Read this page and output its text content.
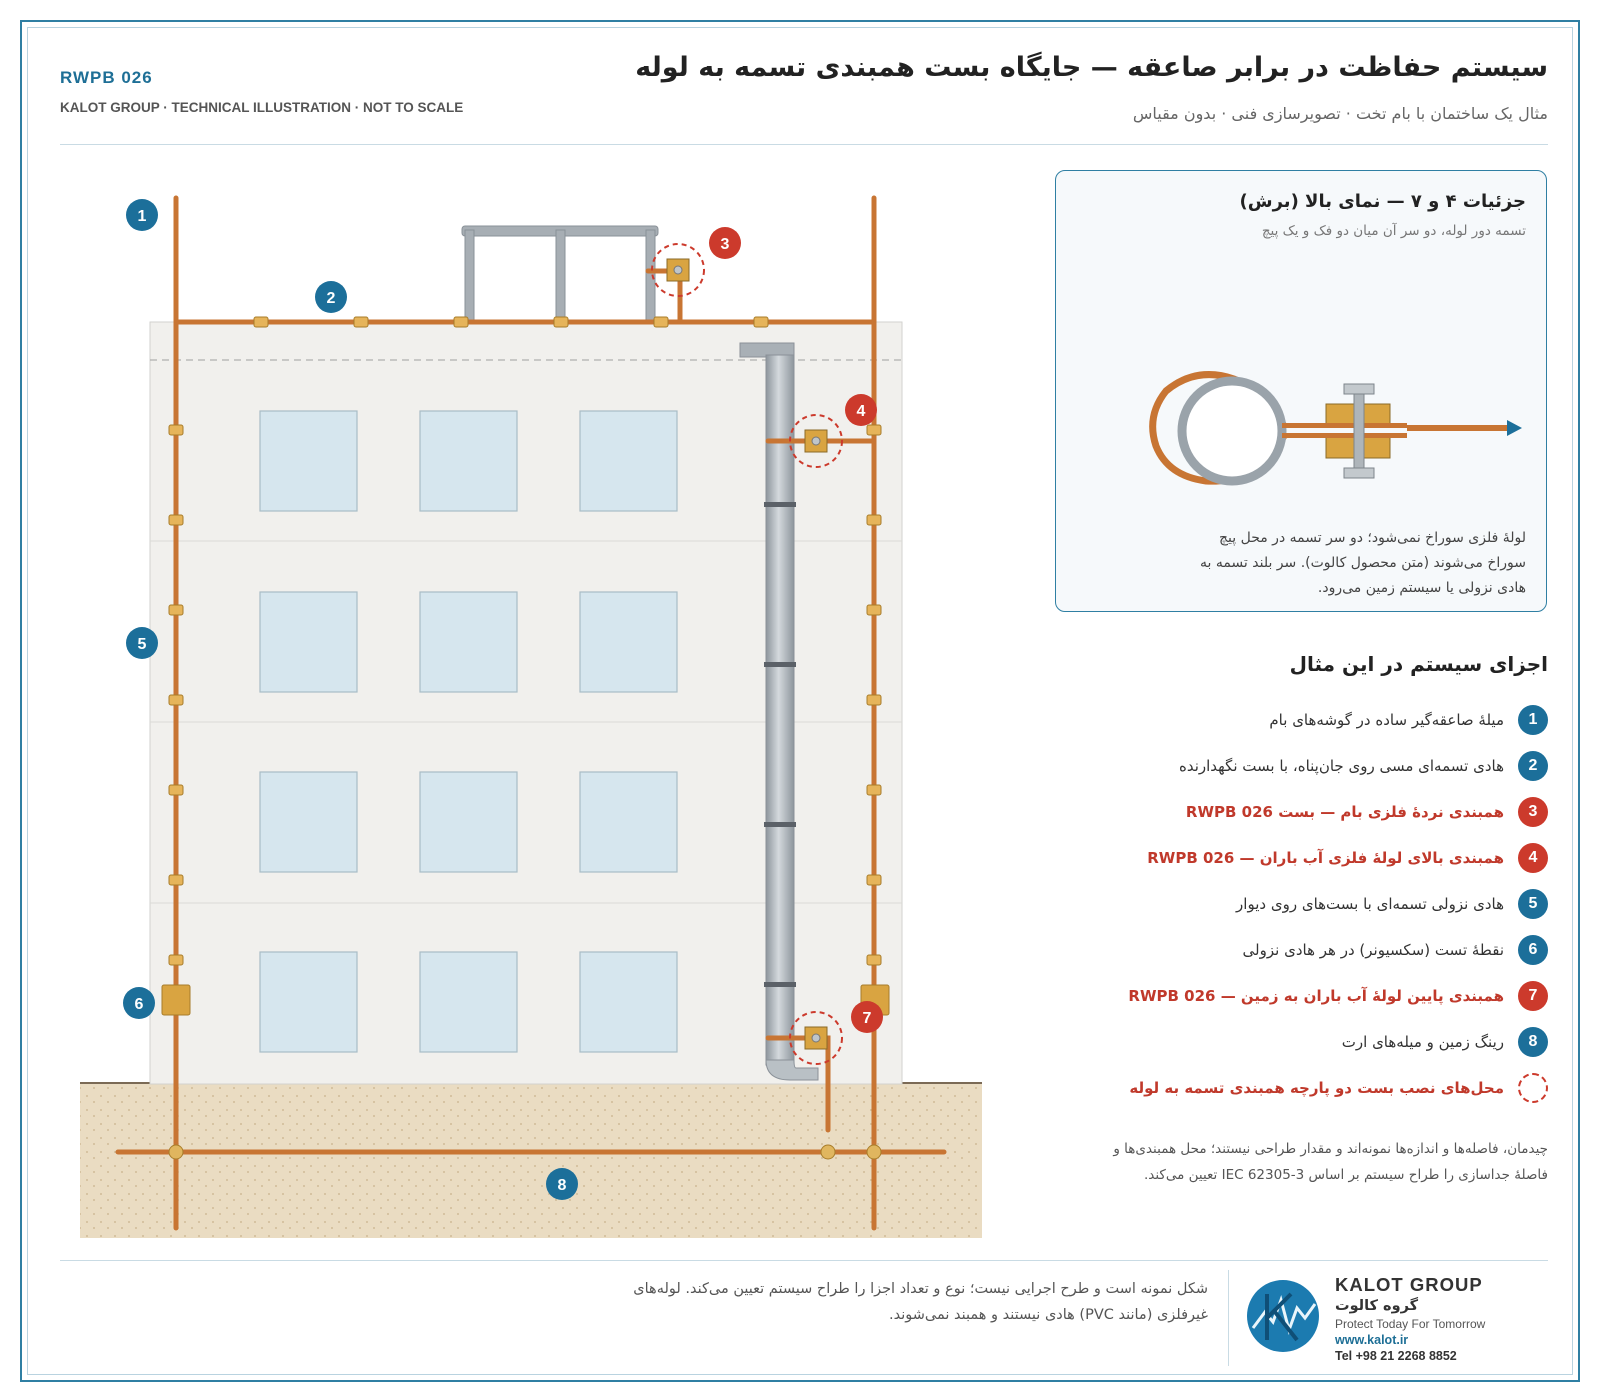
RWPB 026
KALOT GROUP · TECHNICAL ILLUSTRATION · NOT TO SCALE
سیستم حفاظت در برابر صاعقه — جایگاه بست همبندی تسمه به لوله
مثال یک ساختمان با بام تخت · تصویرسازی فنی · بدون مقیاس
1
2
3
4
5
6
7
8
جزئیات ۴ و ۷ — نمای بالا (برش)
تسمه دور لوله، دو سر آن میان دو فک و یک پیچ
لولهٔ فلزی سوراخ نمی‌شود؛ دو سر تسمه در محل پیچ سوراخ می‌شوند (متن محصول کالوت). سر بلند تسمه به هادی نزولی یا سیستم زمین می‌رود.
اجزای سیستم در این مثال
1
میلهٔ صاعقه‌گیر ساده در گوشه‌های بام
2
هادی تسمه‌ای مسی روی جان‌پناه، با بست نگهدارنده
3
همبندی نردهٔ فلزی بام — بست RWPB 026
4
همبندی بالای لولهٔ فلزی آب باران — RWPB 026
5
هادی نزولی تسمه‌ای با بست‌های روی دیوار
6
نقطهٔ تست (سکسیونر) در هر هادی نزولی
7
همبندی پایین لولهٔ آب باران به زمین — RWPB 026
8
رینگ زمین و میله‌های ارت
محل‌های نصب بست دو پارچه همبندی تسمه به لوله
چیدمان، فاصله‌ها و اندازه‌ها نمونه‌اند و مقدار طراحی نیستند؛ محل همبندی‌ها و فاصلهٔ جداسازی را طراح سیستم بر اساس IEC 62305-3 تعیین می‌کند.
شکل نمونه است و طرح اجرایی نیست؛ نوع و تعداد اجزا را طراح سیستم تعیین می‌کند. لوله‌های غیرفلزی (مانند PVC) هادی نیستند و همبند نمی‌شوند.
KALOT GROUP
گروه کالوت
Protect Today For Tomorrow
www.kalot.ir
Tel +98 21 2268 8852
